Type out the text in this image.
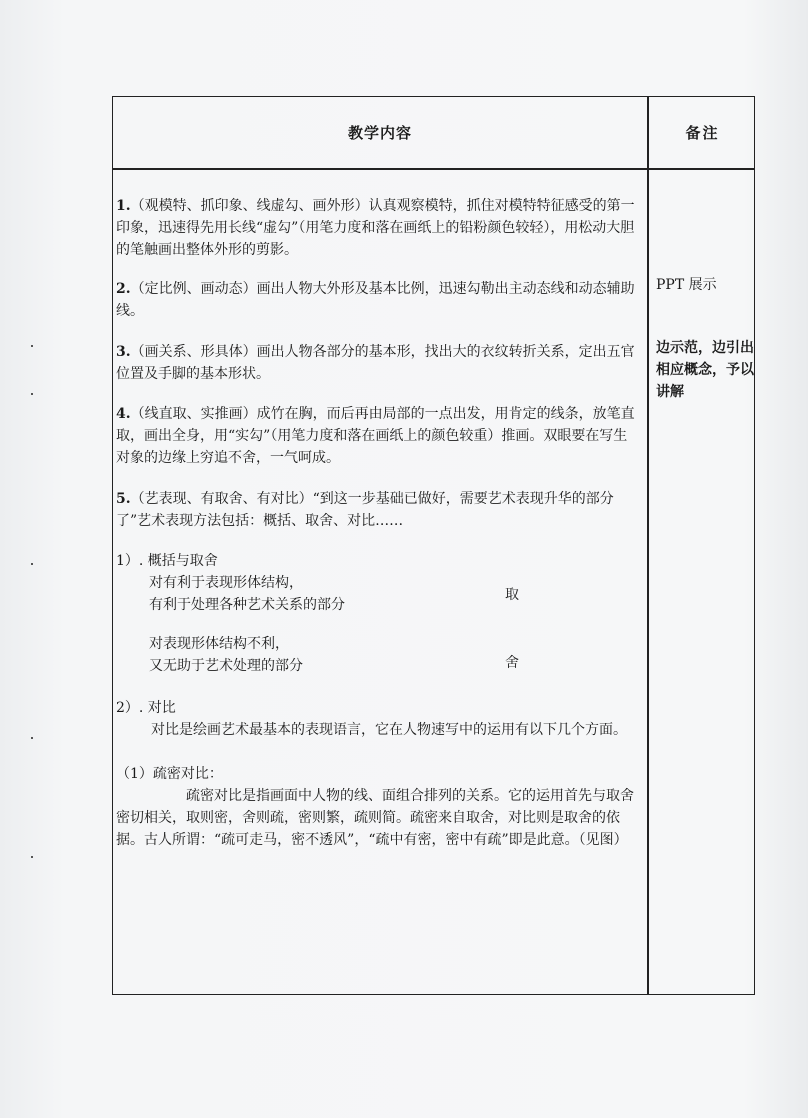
教学内容	备注
1.（观模特、抓印象、线虚勾、画外形）认真观察模特，抓住对模特特征感受的第一印象，迅速得先用长线“虚勾”（用笔力度和落在画纸上的铅粉颜色较轻），用松动大胆的笔触画出整体外形的剪影。
2.（定比例、画动态）画出人物大外形及基本比例，迅速勾勒出主动态线和动态辅助线。
3.（画关系、形具体）画出人物各部分的基本形，找出大的衣纹转折关系，定出五官位置及手脚的基本形状。
4.（线直取、实推画）成竹在胸，而后再由局部的一点出发，用肯定的线条，放笔直取，画出全身，用“实勾”（用笔力度和落在画纸上的颜色较重）推画。双眼要在写生对象的边缘上穷追不舍，一气呵成。
5.（艺表现、有取舍、有对比）“到这一步基础已做好，需要艺术表现升华的部分了”艺术表现方法包括：概括、取舍、对比……
1）. 概括与取舍
对有利于表现形体结构，
有利于处理各种艺术关系的部分
取
对表现形体结构不利，
又无助于艺术处理的部分	舍
2）. 对比
对比是绘画艺术最基本的表现语言，它在人物速写中的运用有以下几个方面。
（1）疏密对比：
疏密对比是指画面中人物的线、面组合排列的关系。它的运用首先与取舍密切相关，取则密，舍则疏，密则繁，疏则简。疏密来自取舍，对比则是取舍的依据。古人所谓：“疏可走马，密不透风”，“疏中有密，密中有疏”即是此意。（见图）
PPT 展示
边示范，边引出相应概念，予以讲解
